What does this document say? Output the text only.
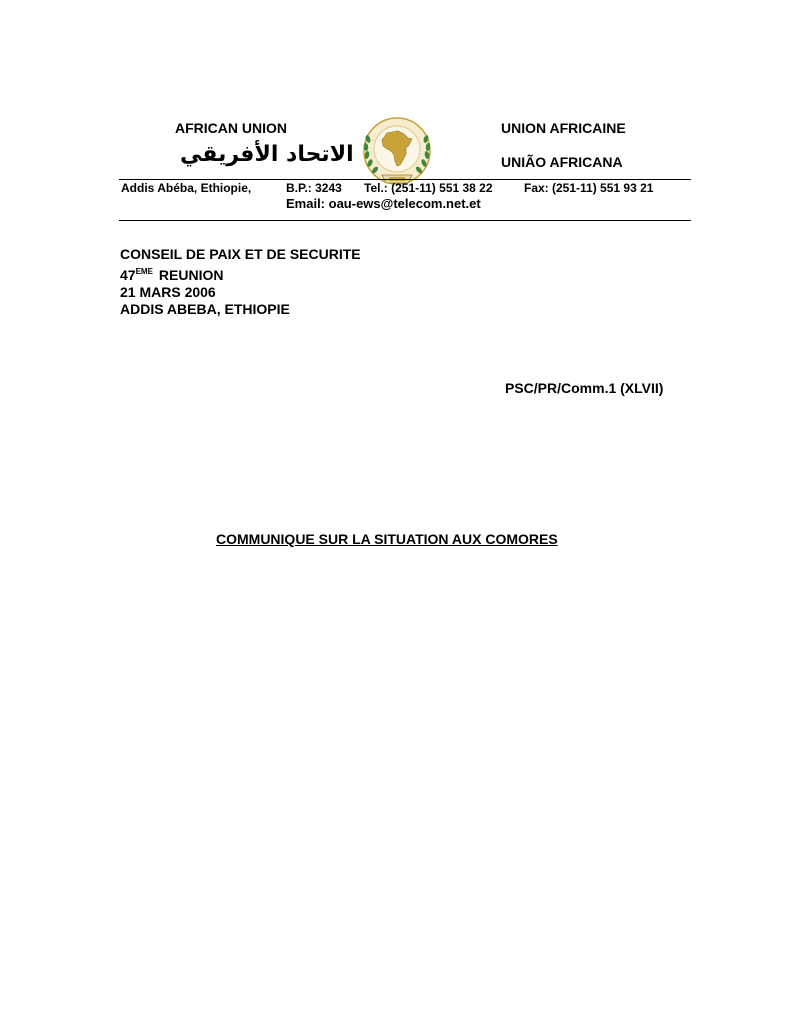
AFRICAN UNION
الاتحاد الأفريقي
UNION AFRICAINE
UNIÃO AFRICANA
Addis Abéba, Ethiopie,	B.P.: 3243 Tel.: (251-11) 551 38 22	Fax: (251-11) 551 93 21
Email: oau-ews@telecom.net.et
CONSEIL DE PAIX ET DE SECURITE
47EME REUNION
21 MARS 2006
ADDIS ABEBA, ETHIOPIE
PSC/PR/Comm.1 (XLVII)
COMMUNIQUE SUR LA SITUATION AUX COMORES
